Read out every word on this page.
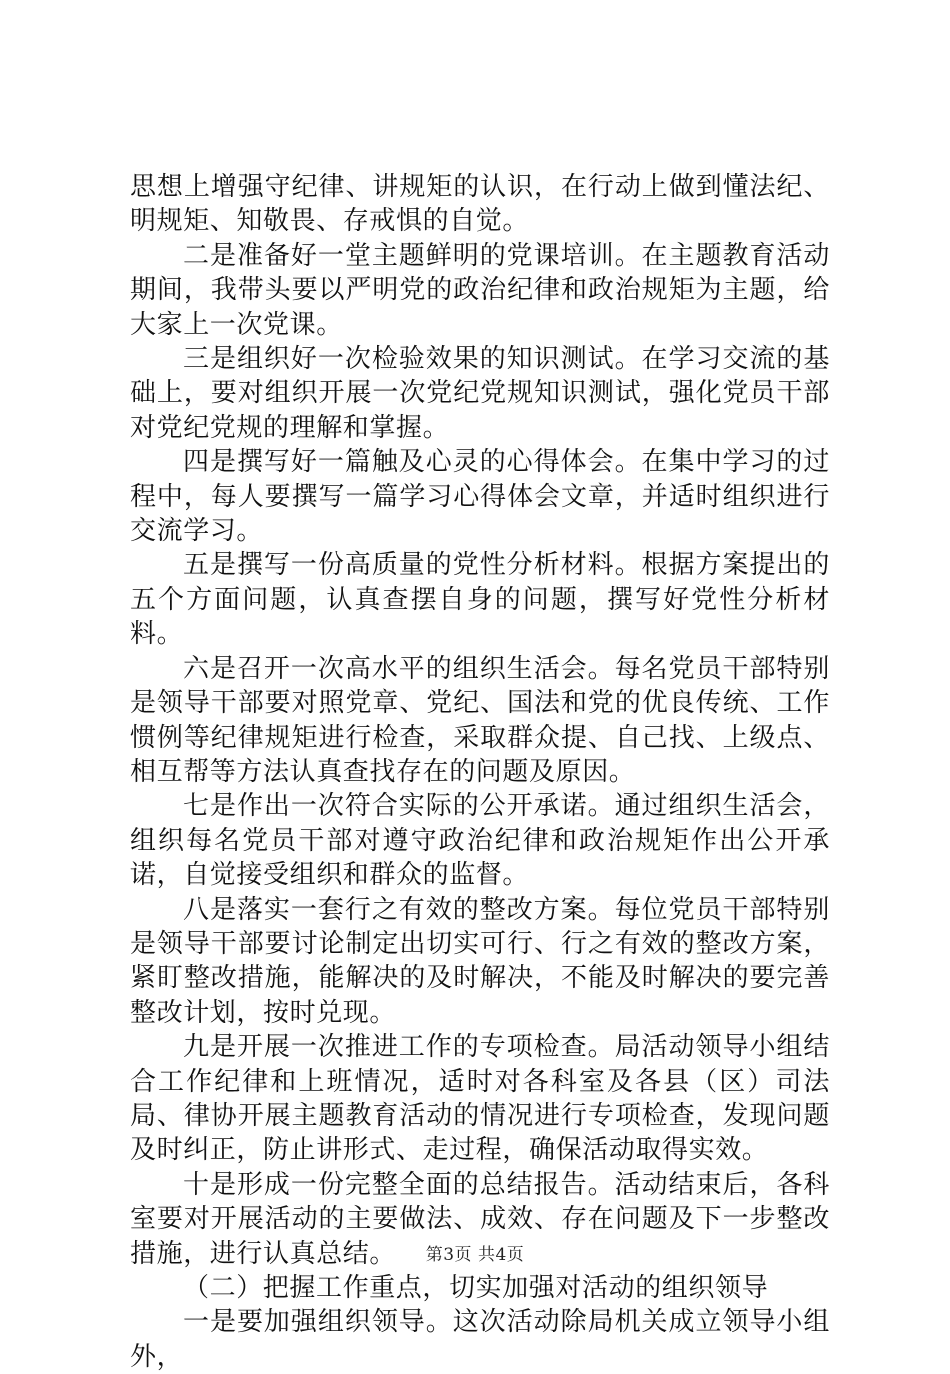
思想上增强守纪律、讲规矩的认识，在行动上做到懂法纪、明规矩、知敬畏、存戒惧的自觉。

二是准备好一堂主题鲜明的党课培训。在主题教育活动期间，我带头要以严明党的政治纪律和政治规矩为主题，给大家上一次党课。

三是组织好一次检验效果的知识测试。在学习交流的基础上，要对组织开展一次党纪党规知识测试，强化党员干部对党纪党规的理解和掌握。

四是撰写好一篇触及心灵的心得体会。在集中学习的过程中，每人要撰写一篇学习心得体会文章，并适时组织进行交流学习。

五是撰写一份高质量的党性分析材料。根据方案提出的五个方面问题，认真查摆自身的问题，撰写好党性分析材料。

六是召开一次高水平的组织生活会。每名党员干部特别是领导干部要对照党章、党纪、国法和党的优良传统、工作惯例等纪律规矩进行检查，采取群众提、自己找、上级点、相互帮等方法认真查找存在的问题及原因。

七是作出一次符合实际的公开承诺。通过组织生活会，组织每名党员干部对遵守政治纪律和政治规矩作出公开承诺，自觉接受组织和群众的监督。

八是落实一套行之有效的整改方案。每位党员干部特别是领导干部要讨论制定出切实可行、行之有效的整改方案，紧盯整改措施，能解决的及时解决，不能及时解决的要完善整改计划，按时兑现。

九是开展一次推进工作的专项检查。局活动领导小组结合工作纪律和上班情况，适时对各科室及各县（区）司法局、律协开展主题教育活动的情况进行专项检查，发现问题及时纠正，防止讲形式、走过程，确保活动取得实效。

十是形成一份完整全面的总结报告。活动结束后，各科室要对开展活动的主要做法、成效、存在问题及下一步整改措施，进行认真总结。

（二）把握工作重点，切实加强对活动的组织领导

一是要加强组织领导。这次活动除局机关成立领导小组外，

第3页 共4页
